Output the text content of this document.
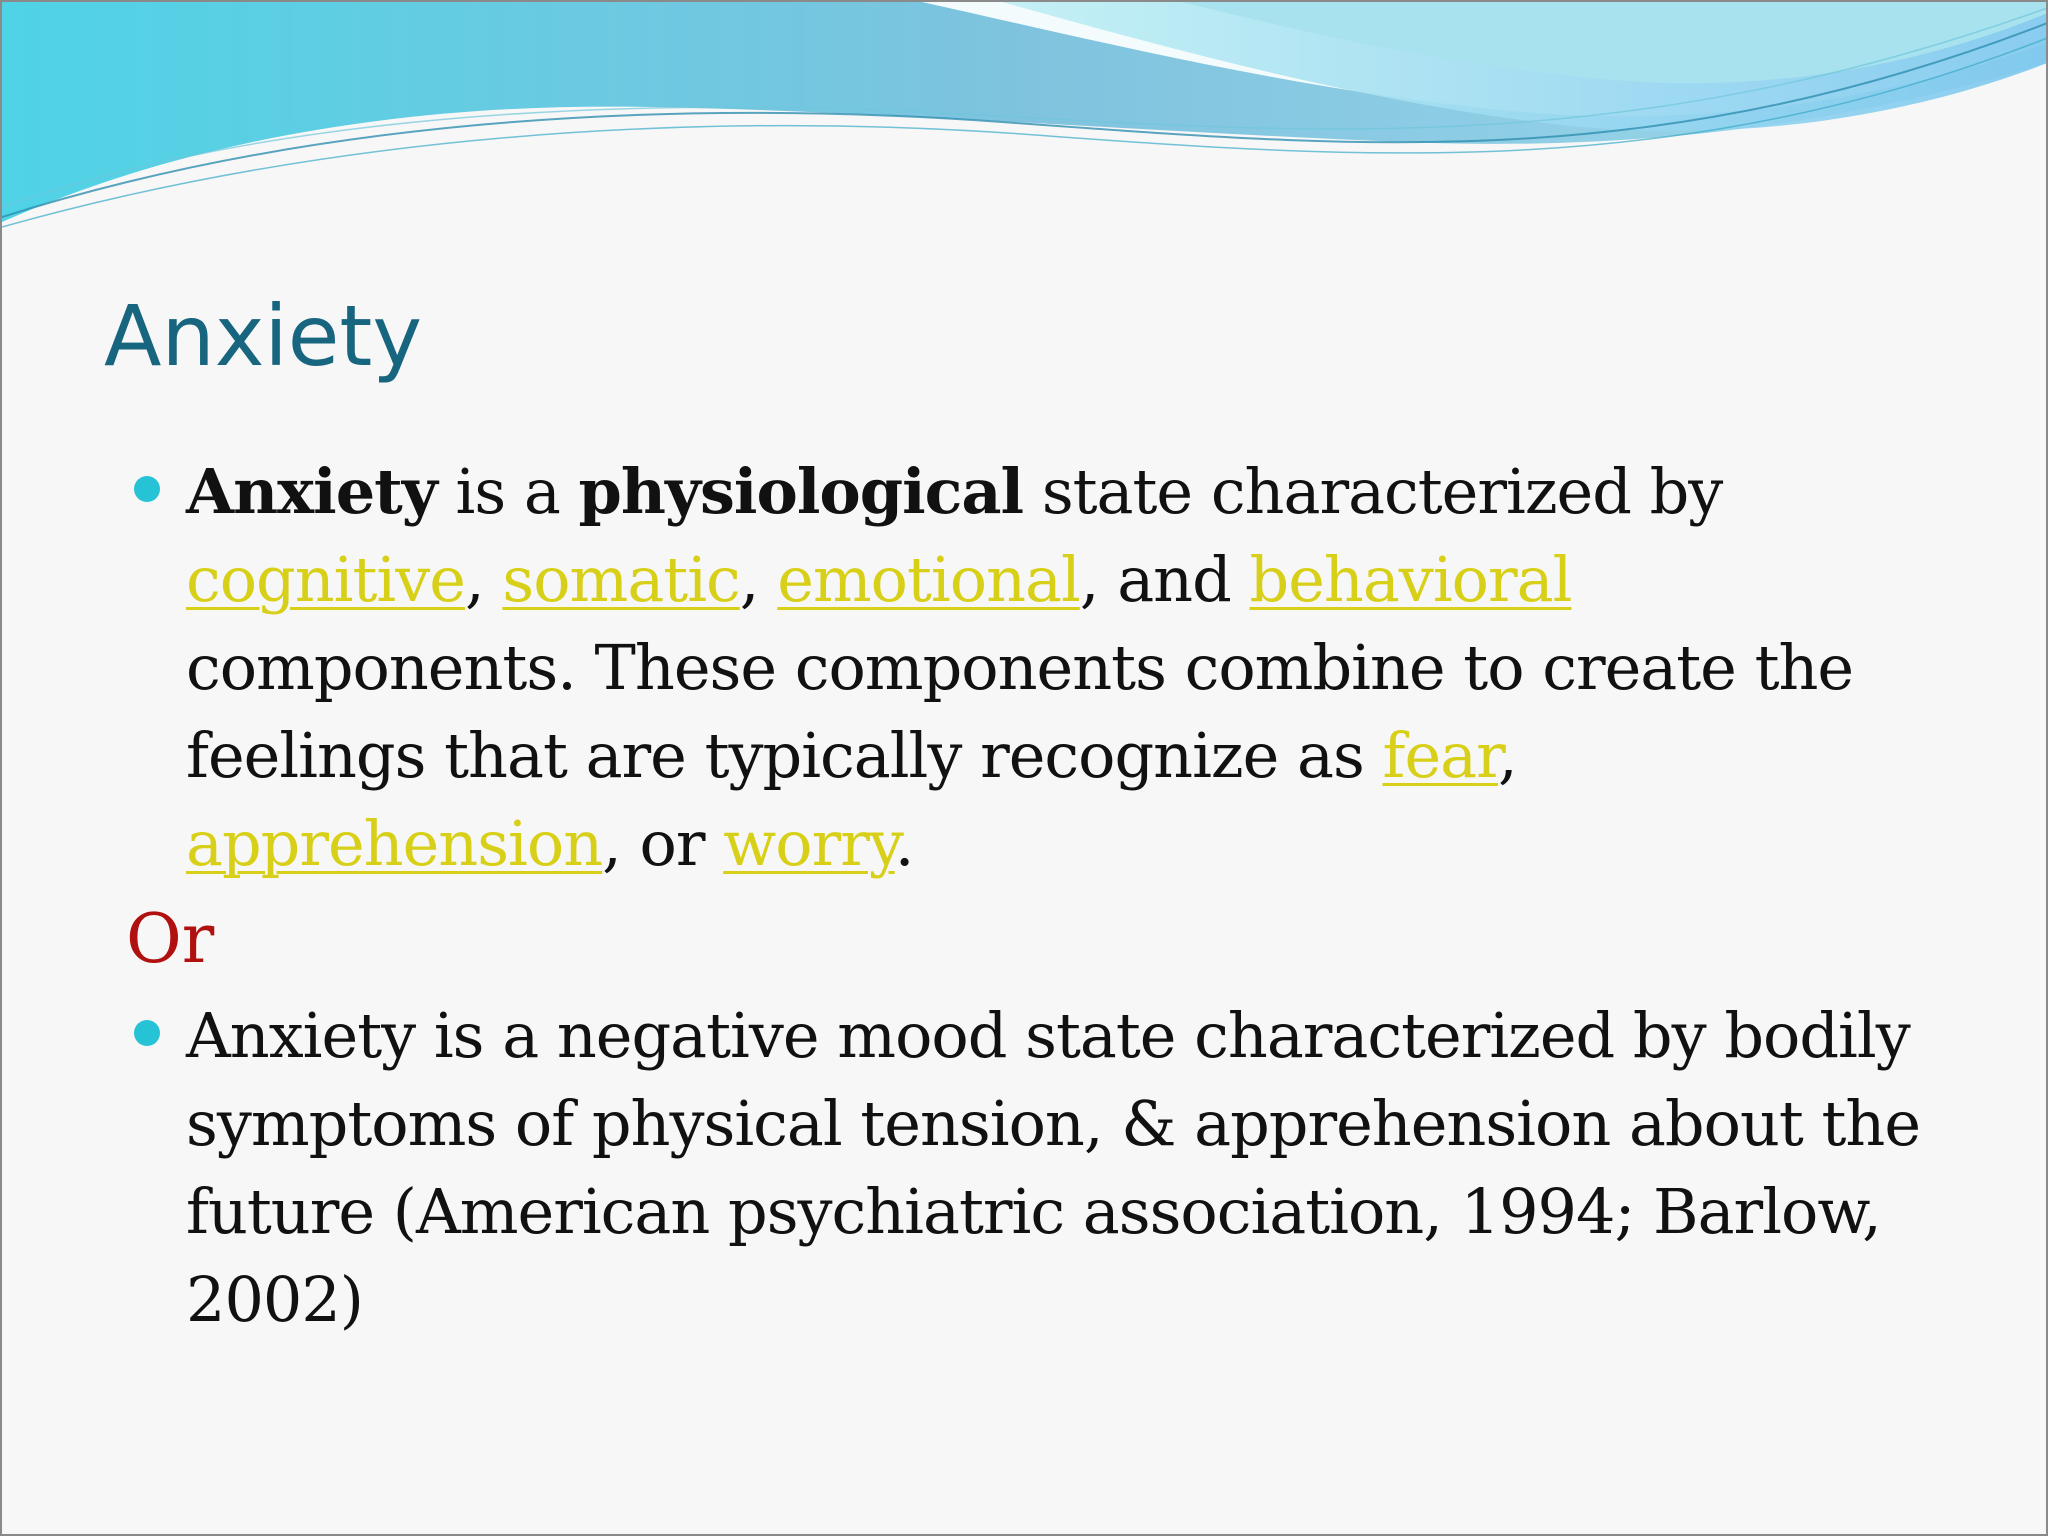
Anxiety
Anxiety is a physiological state characterized by cognitive, somatic, emotional, and behavioral components. These components combine to create the feelings that are typically recognize as fear, apprehension, or worry.
Or
Anxiety is a negative mood state characterized by bodily symptoms of physical tension, & apprehension about the future (American psychiatric association, 1994; Barlow, 2002)
